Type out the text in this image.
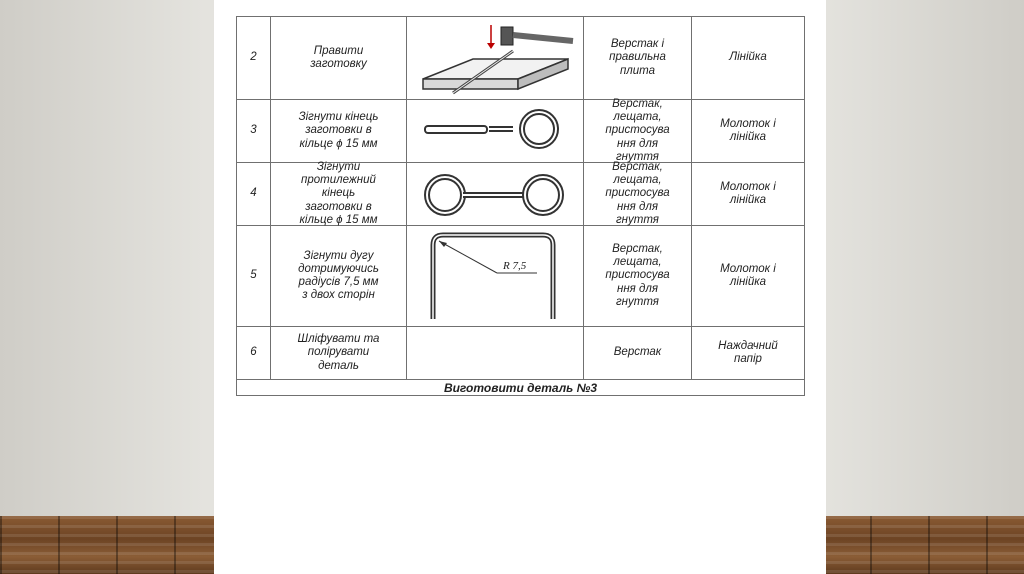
2
Правити
заготовку
Верстак і
правильна
плита
Лінійка
3
Зігнути кінець
заготовки в
кільце ϕ 15 мм
Верстак,
лещата,
пристосува
ння для
гнуття
Молоток і
лінійка
4
Зігнути
протилежний
кінець
заготовки в
кільце ϕ 15 мм
Верстак,
лещата,
пристосува
ння для
гнуття
Молоток і
лінійка
5
Зігнути дугу
дотримуючись
радіусів 7,5 мм
з двох сторін
Верстак,
лещата,
пристосува
ння для
гнуття
Молоток і
лінійка
6
Шліфувати та
полірувати
деталь
Верстак
Наждачний
папір
Виготовити деталь №3
R 7,5
